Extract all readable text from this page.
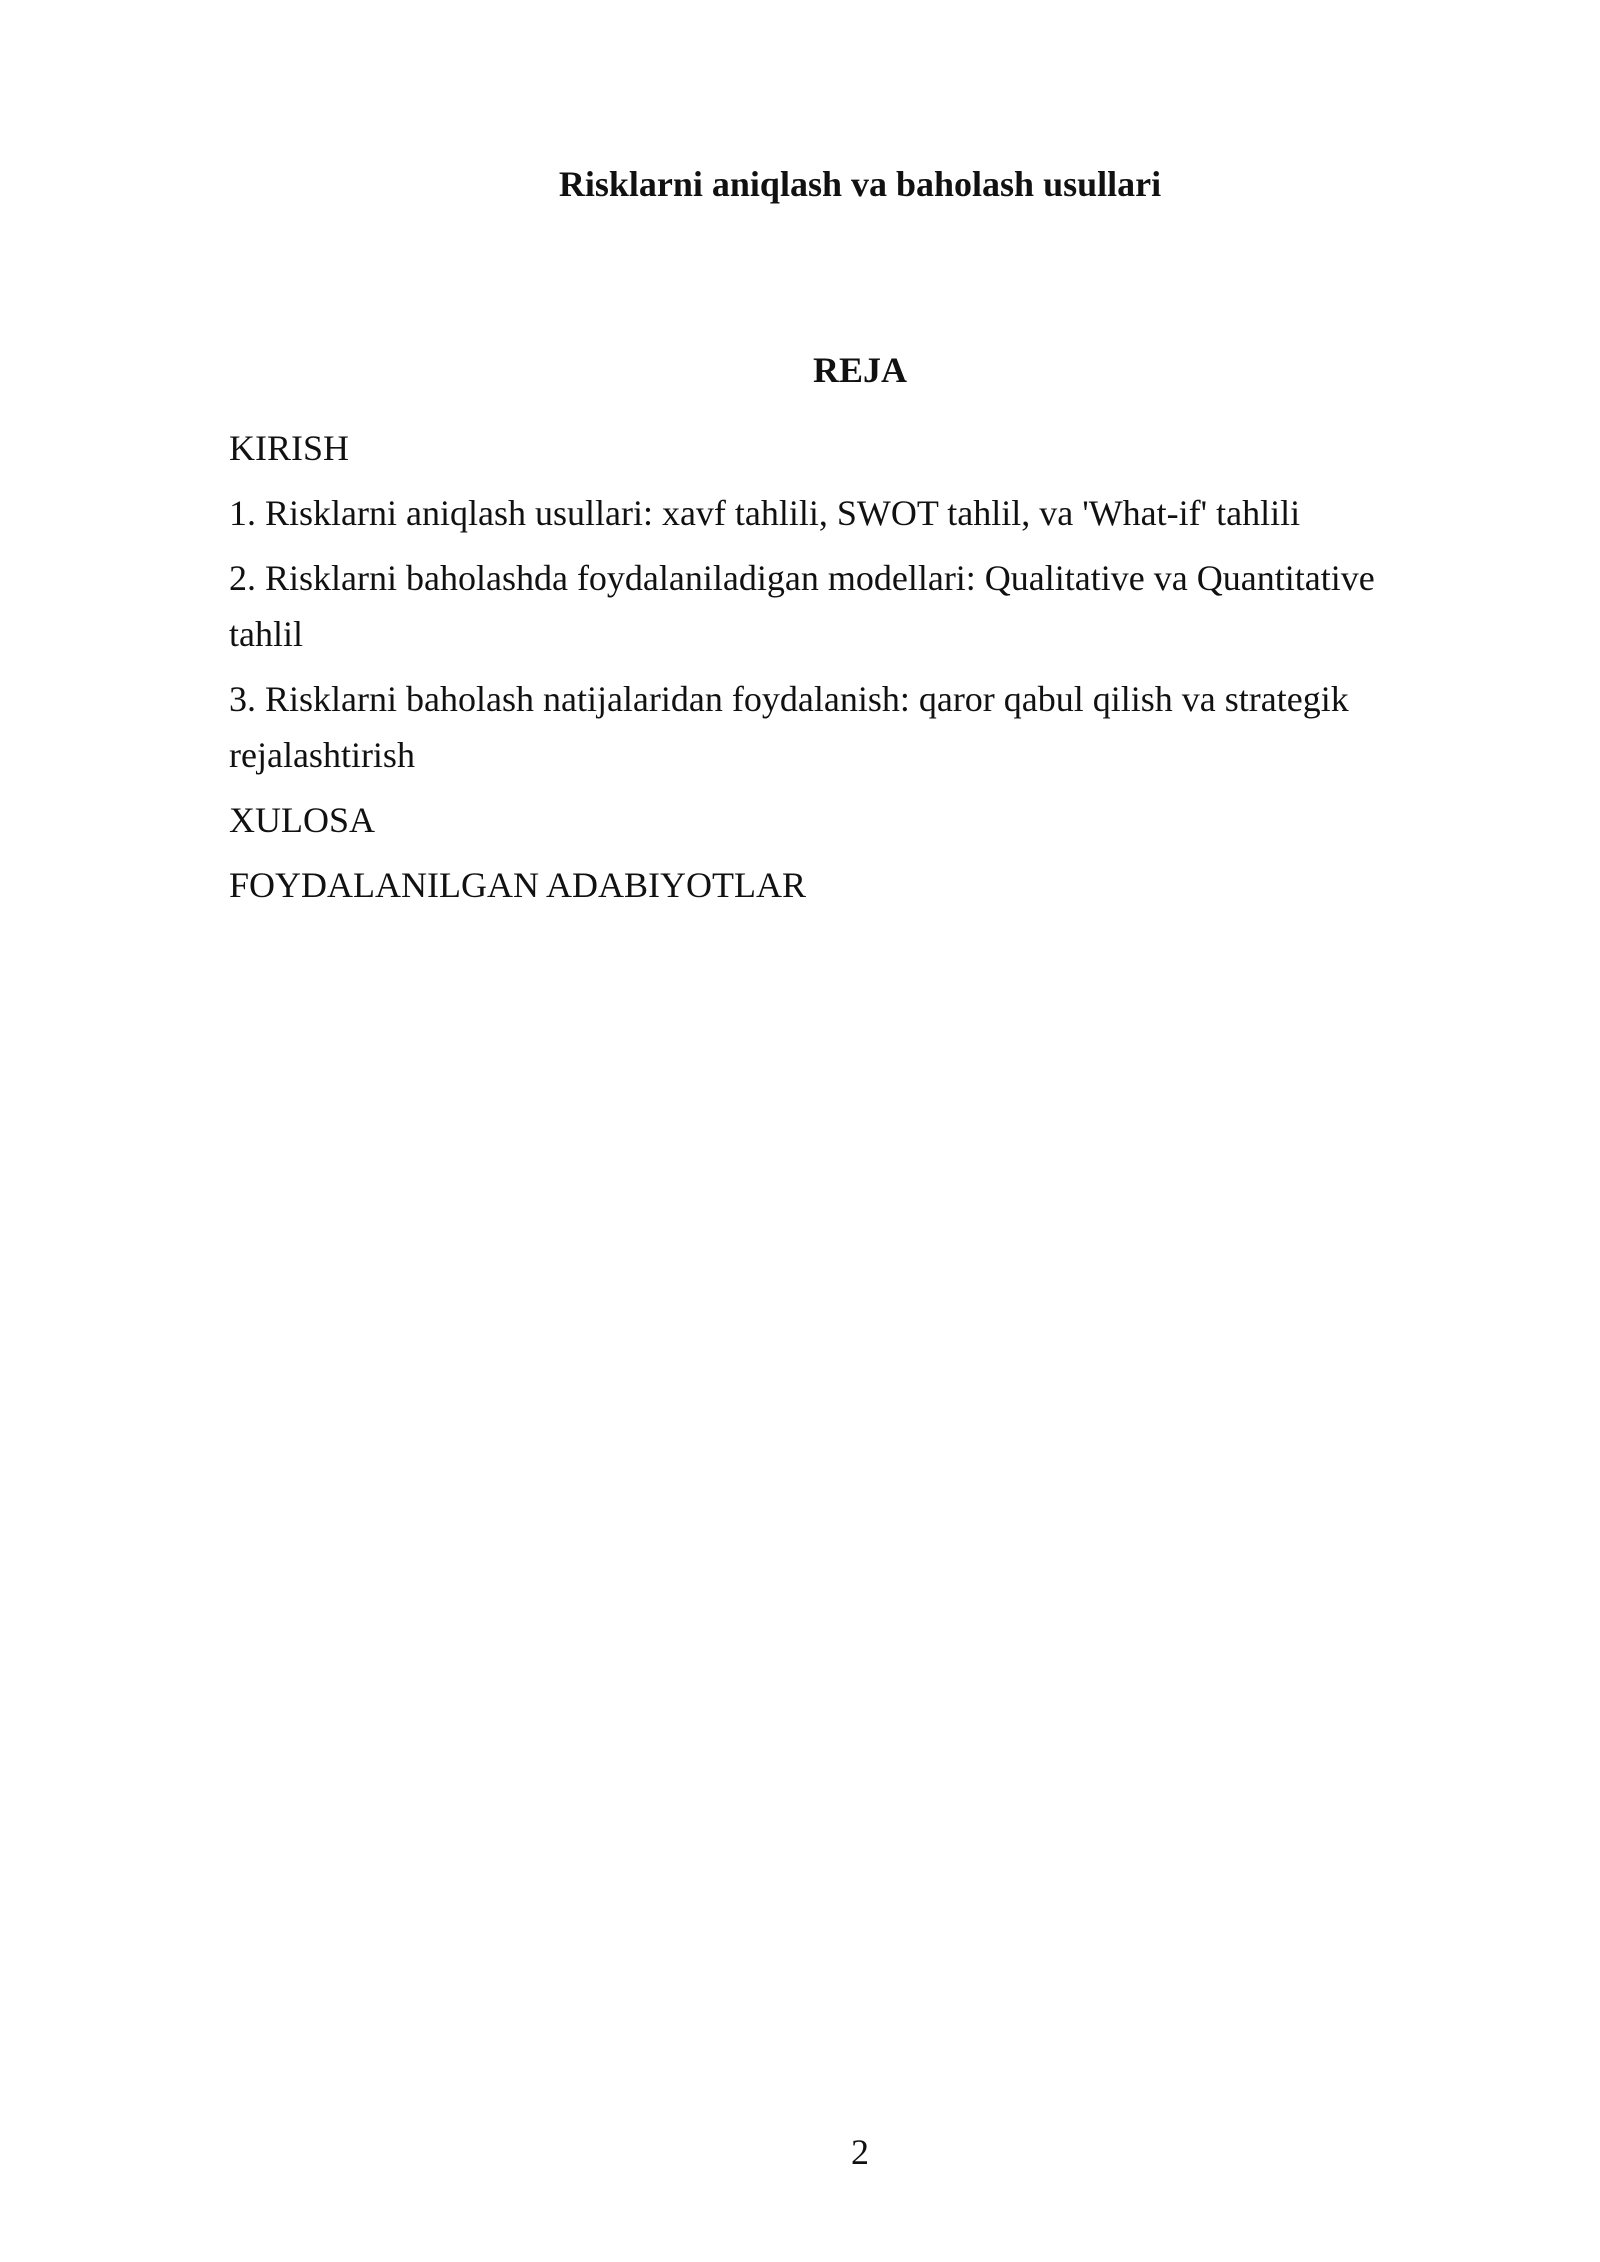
Risklarni aniqlash va baholash usullari
REJA
KIRISH
1. Risklarni aniqlash usullari: xavf tahlili, SWOT tahlil, va 'What-if' tahlili
2. Risklarni baholashda foydalaniladigan modellari: Qualitative va Quantitative tahlil
3. Risklarni baholash natijalaridan foydalanish: qaror qabul qilish va strategik rejalashtirish
XULOSA
FOYDALANILGAN ADABIYOTLAR
2
